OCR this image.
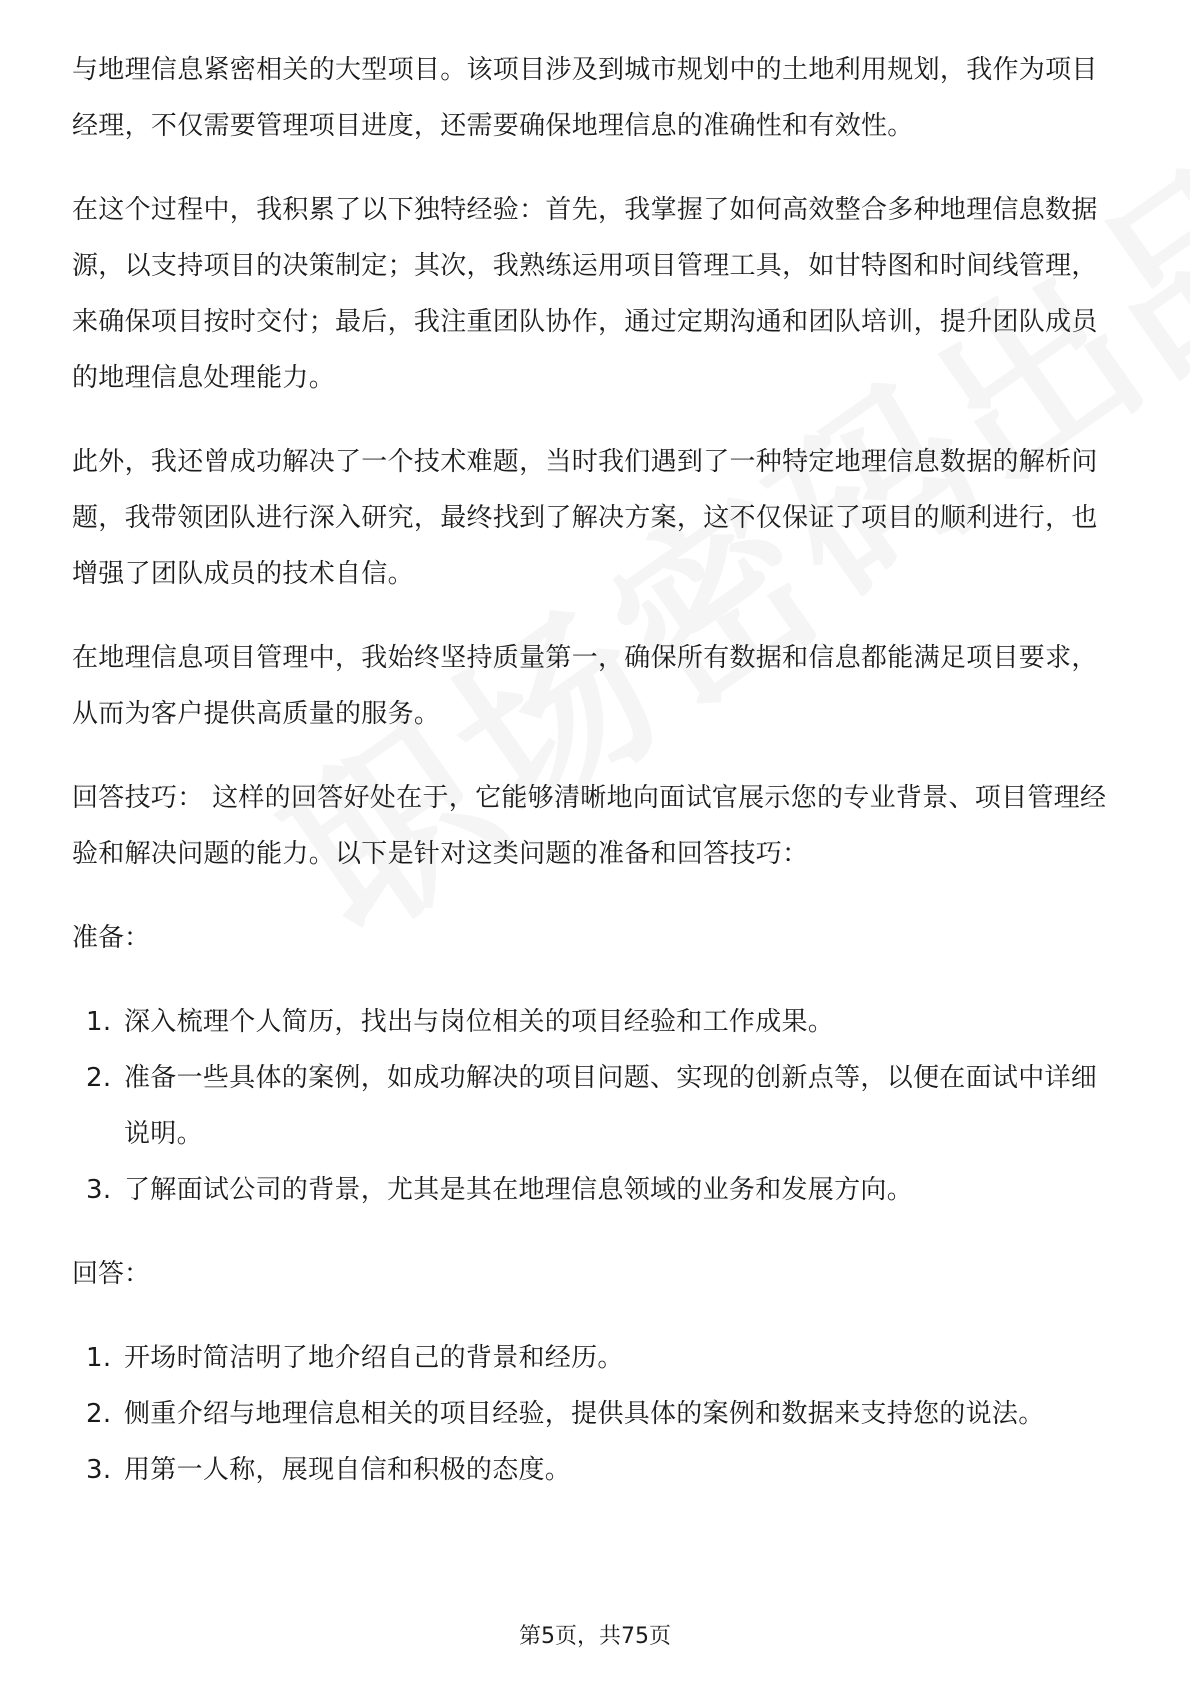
与地理信息紧密相关的大型项目。该项目涉及到城市规划中的土地利用规划，我作为项目经理，不仅需要管理项目进度，还需要确保地理信息的准确性和有效性。

在这个过程中，我积累了以下独特经验：首先，我掌握了如何高效整合多种地理信息数据源，以支持项目的决策制定；其次，我熟练运用项目管理工具，如甘特图和时间线管理，来确保项目按时交付；最后，我注重团队协作，通过定期沟通和团队培训，提升团队成员的地理信息处理能力。

此外，我还曾成功解决了一个技术难题，当时我们遇到了一种特定地理信息数据的解析问题，我带领团队进行深入研究，最终找到了解决方案，这不仅保证了项目的顺利进行，也增强了团队成员的技术自信。

在地理信息项目管理中，我始终坚持质量第一，确保所有数据和信息都能满足项目要求，从而为客户提供高质量的服务。

回答技巧： 这样的回答好处在于，它能够清晰地向面试官展示您的专业背景、项目管理经验和解决问题的能力。以下是针对这类问题的准备和回答技巧：

准备：
1. 深入梳理个人简历，找出与岗位相关的项目经验和工作成果。
2. 准备一些具体的案例，如成功解决的项目问题、实现的创新点等，以便在面试中详细说明。
3. 了解面试公司的背景，尤其是其在地理信息领域的业务和发展方向。
回答：
1. 开场时简洁明了地介绍自己的背景和经历。
2. 侧重介绍与地理信息相关的项目经验，提供具体的案例和数据来支持您的说法。
3. 用第一人称，展现自信和积极的态度。
第5页，共75页
